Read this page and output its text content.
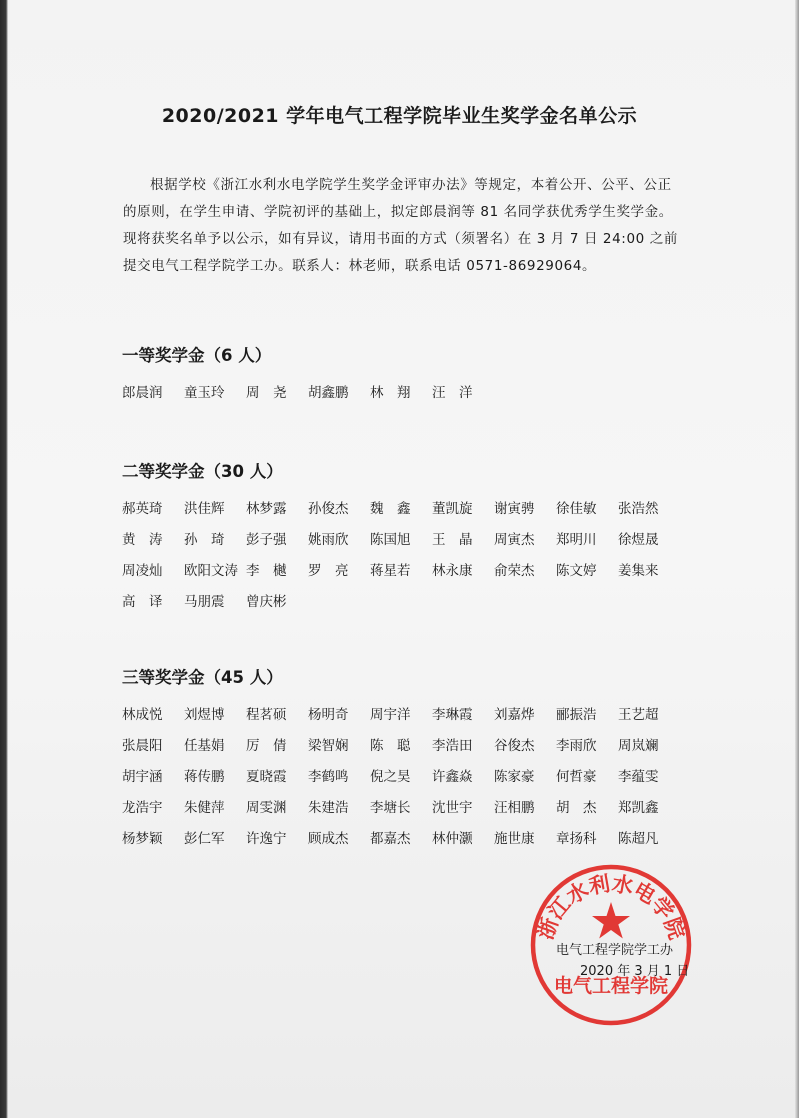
2020/2021 学年电气工程学院毕业生奖学金名单公示

根据学校《浙江水利水电学院学生奖学金评审办法》等规定，本着公开、公平、公正的原则，在学生申请、学院初评的基础上，拟定郎晨润等 81 名同学获优秀学生奖学金。现将获奖名单予以公示，如有异议，请用书面的方式（须署名）在 3 月 7 日 24:00 之前提交电气工程学院学工办。联系人：林老师，联系电话 0571-86929064。

一等奖学金（6 人）
郎晨润	童玉玲	周　尧	胡鑫鹏	林　翔	汪　洋
二等奖学金（30 人）
郝英琦	洪佳辉	林梦露	孙俊杰	魏　鑫	董凯旋	谢寅骋	徐佳敏	张浩然
黄　涛	孙　琦	彭子强	姚雨欣	陈国旭	王　晶	周寅杰	郑明川	徐煜晟
周凌灿	欧阳文涛 李　樾	罗　亮	蒋星若	林永康	俞荣杰	陈文婷	姜集来
高　译	马朋震	曾庆彬
三等奖学金（45 人）
林成悦	刘煜博	程茗硕	杨明奇	周宇洋	李琳霞	刘嘉烨	郦振浩	王艺超
张晨阳	任基娟	厉　倩	梁智娴	陈　聪	李浩田	谷俊杰	李雨欣	周岚斓
胡宇涵	蒋传鹏	夏晓霞	李鹤鸣	倪之昊	许鑫焱	陈家豪	何哲豪	李蕴雯
龙浩宇	朱健萍	周雯渊	朱建浩	李塘长	沈世宇	汪相鹏	胡　杰	郑凯鑫
杨梦颖	彭仁军	许逸宁	顾成杰	都嘉杰	林仲灏	施世康	章扬科	陈超凡
浙江水利水电学院
电气工程学院
电气工程学院学工办
2020 年 3 月 1 日
